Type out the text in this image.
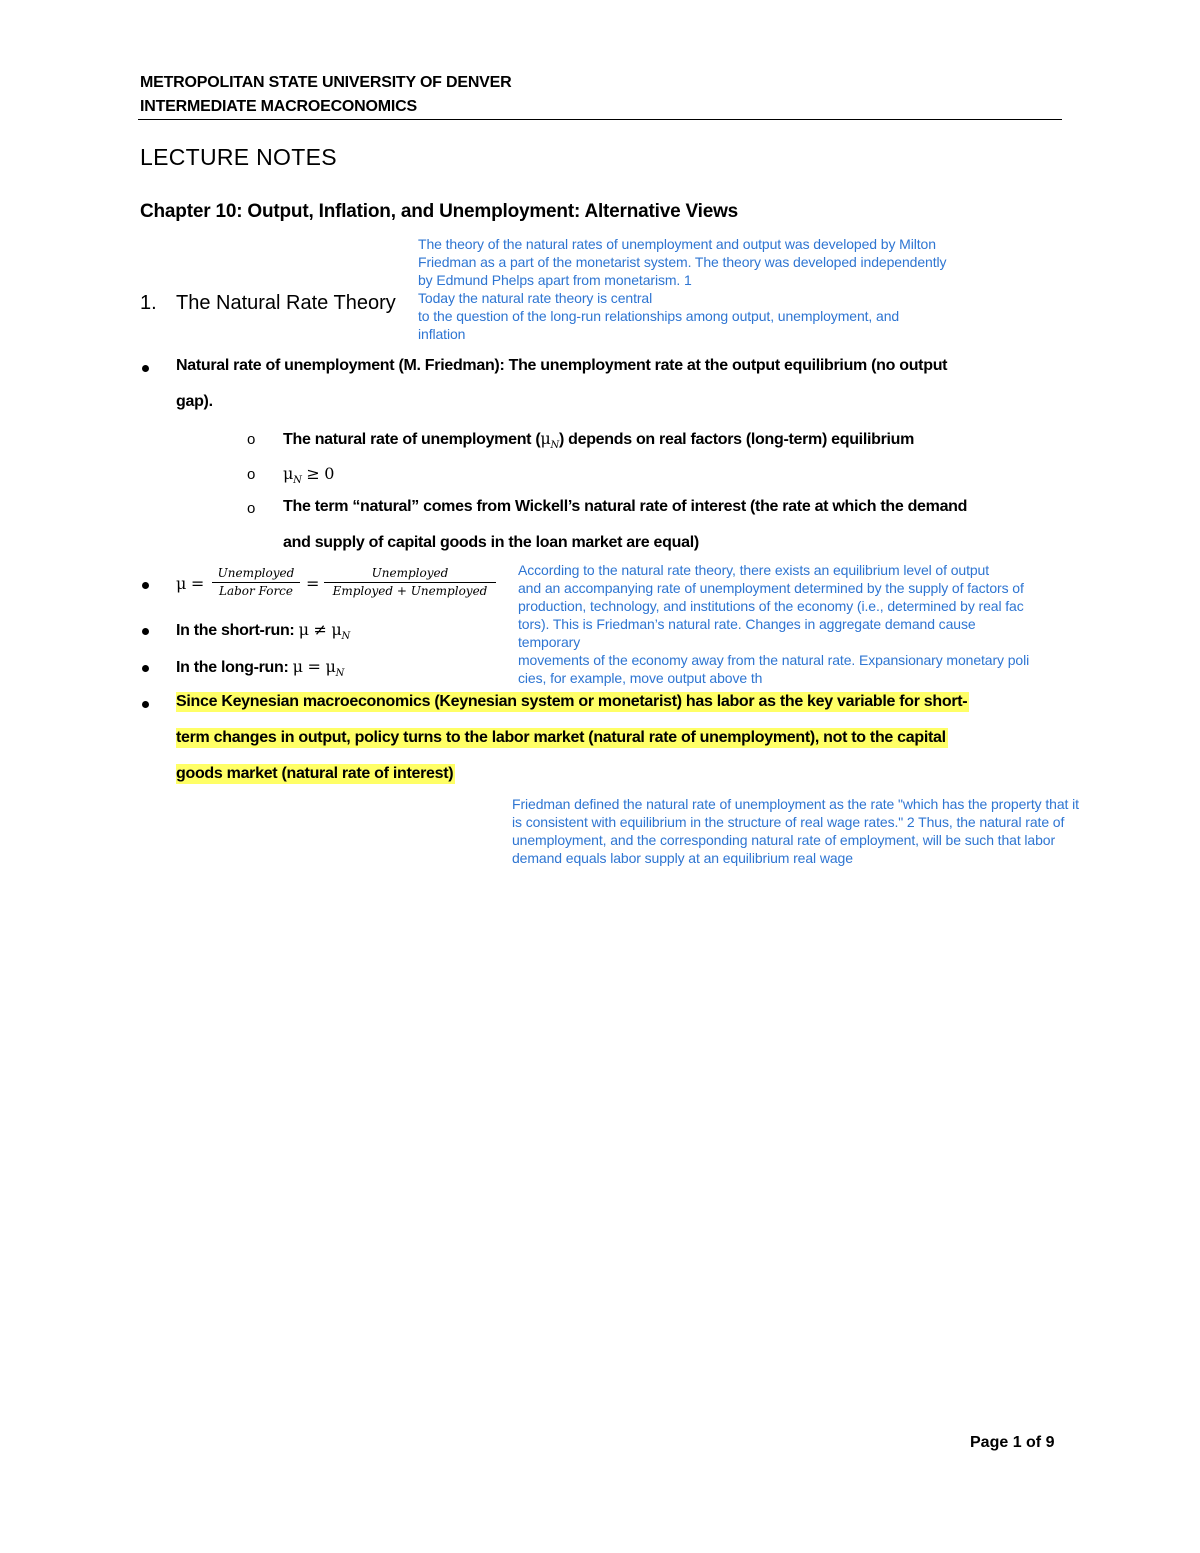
METROPOLITAN STATE UNIVERSITY OF DENVER
INTERMEDIATE MACROECONOMICS
LECTURE NOTES
Chapter 10: Output, Inflation, and Unemployment: Alternative Views
1. The Natural Rate Theory
The theory of the natural rates of unemployment and output was developed by Milton
Friedman as a part of the monetarist system. The theory was developed independently
by Edmund Phelps apart from monetarism. 1
Today the natural rate theory is central
to the question of the long-run relationships among output, unemployment, and
inflation
Natural rate of unemployment (M. Friedman): The unemployment rate at the output equilibrium (no output
gap).
o The natural rate of unemployment $(\mu_N)$ depends on real factors (long-term) equilibrium
o $\mu_N \ge 0$
o The term “natural” comes from Wickell’s natural rate of interest (the rate at which the demand
and supply of capital goods in the loan market are equal)
μ =
Unemployed
Labor Force =
Unemployed
Employed + Unemployed
According to the natural rate theory, there exists an equilibrium level of output
and an accompanying rate of unemployment determined by the supply of factors of
production, technology, and institutions of the economy (i.e., determined by real fac
tors). This is Friedman’s natural rate. Changes in aggregate demand cause
temporary
movements of the economy away from the natural rate. Expansionary monetary poli
cies, for example, move output above th
In the short-run: $\mu \ne \mu_N$
In the long-run: $\mu = \mu_N$
Since Keynesian macroeconomics (Keynesian system or monetarist) has labor as the key variable for short-
term changes in output, policy turns to the labor market (natural rate of unemployment), not to the capital
goods market (natural rate of interest)
Friedman defined the natural rate of unemployment as the rate "which has the property that it
is consistent with equilibrium in the structure of real wage rates." 2 Thus, the natural rate of
unemployment, and the corresponding natural rate of employment, will be such that labor
demand equals labor supply at an equilibrium real wage
Page 1 of 9
